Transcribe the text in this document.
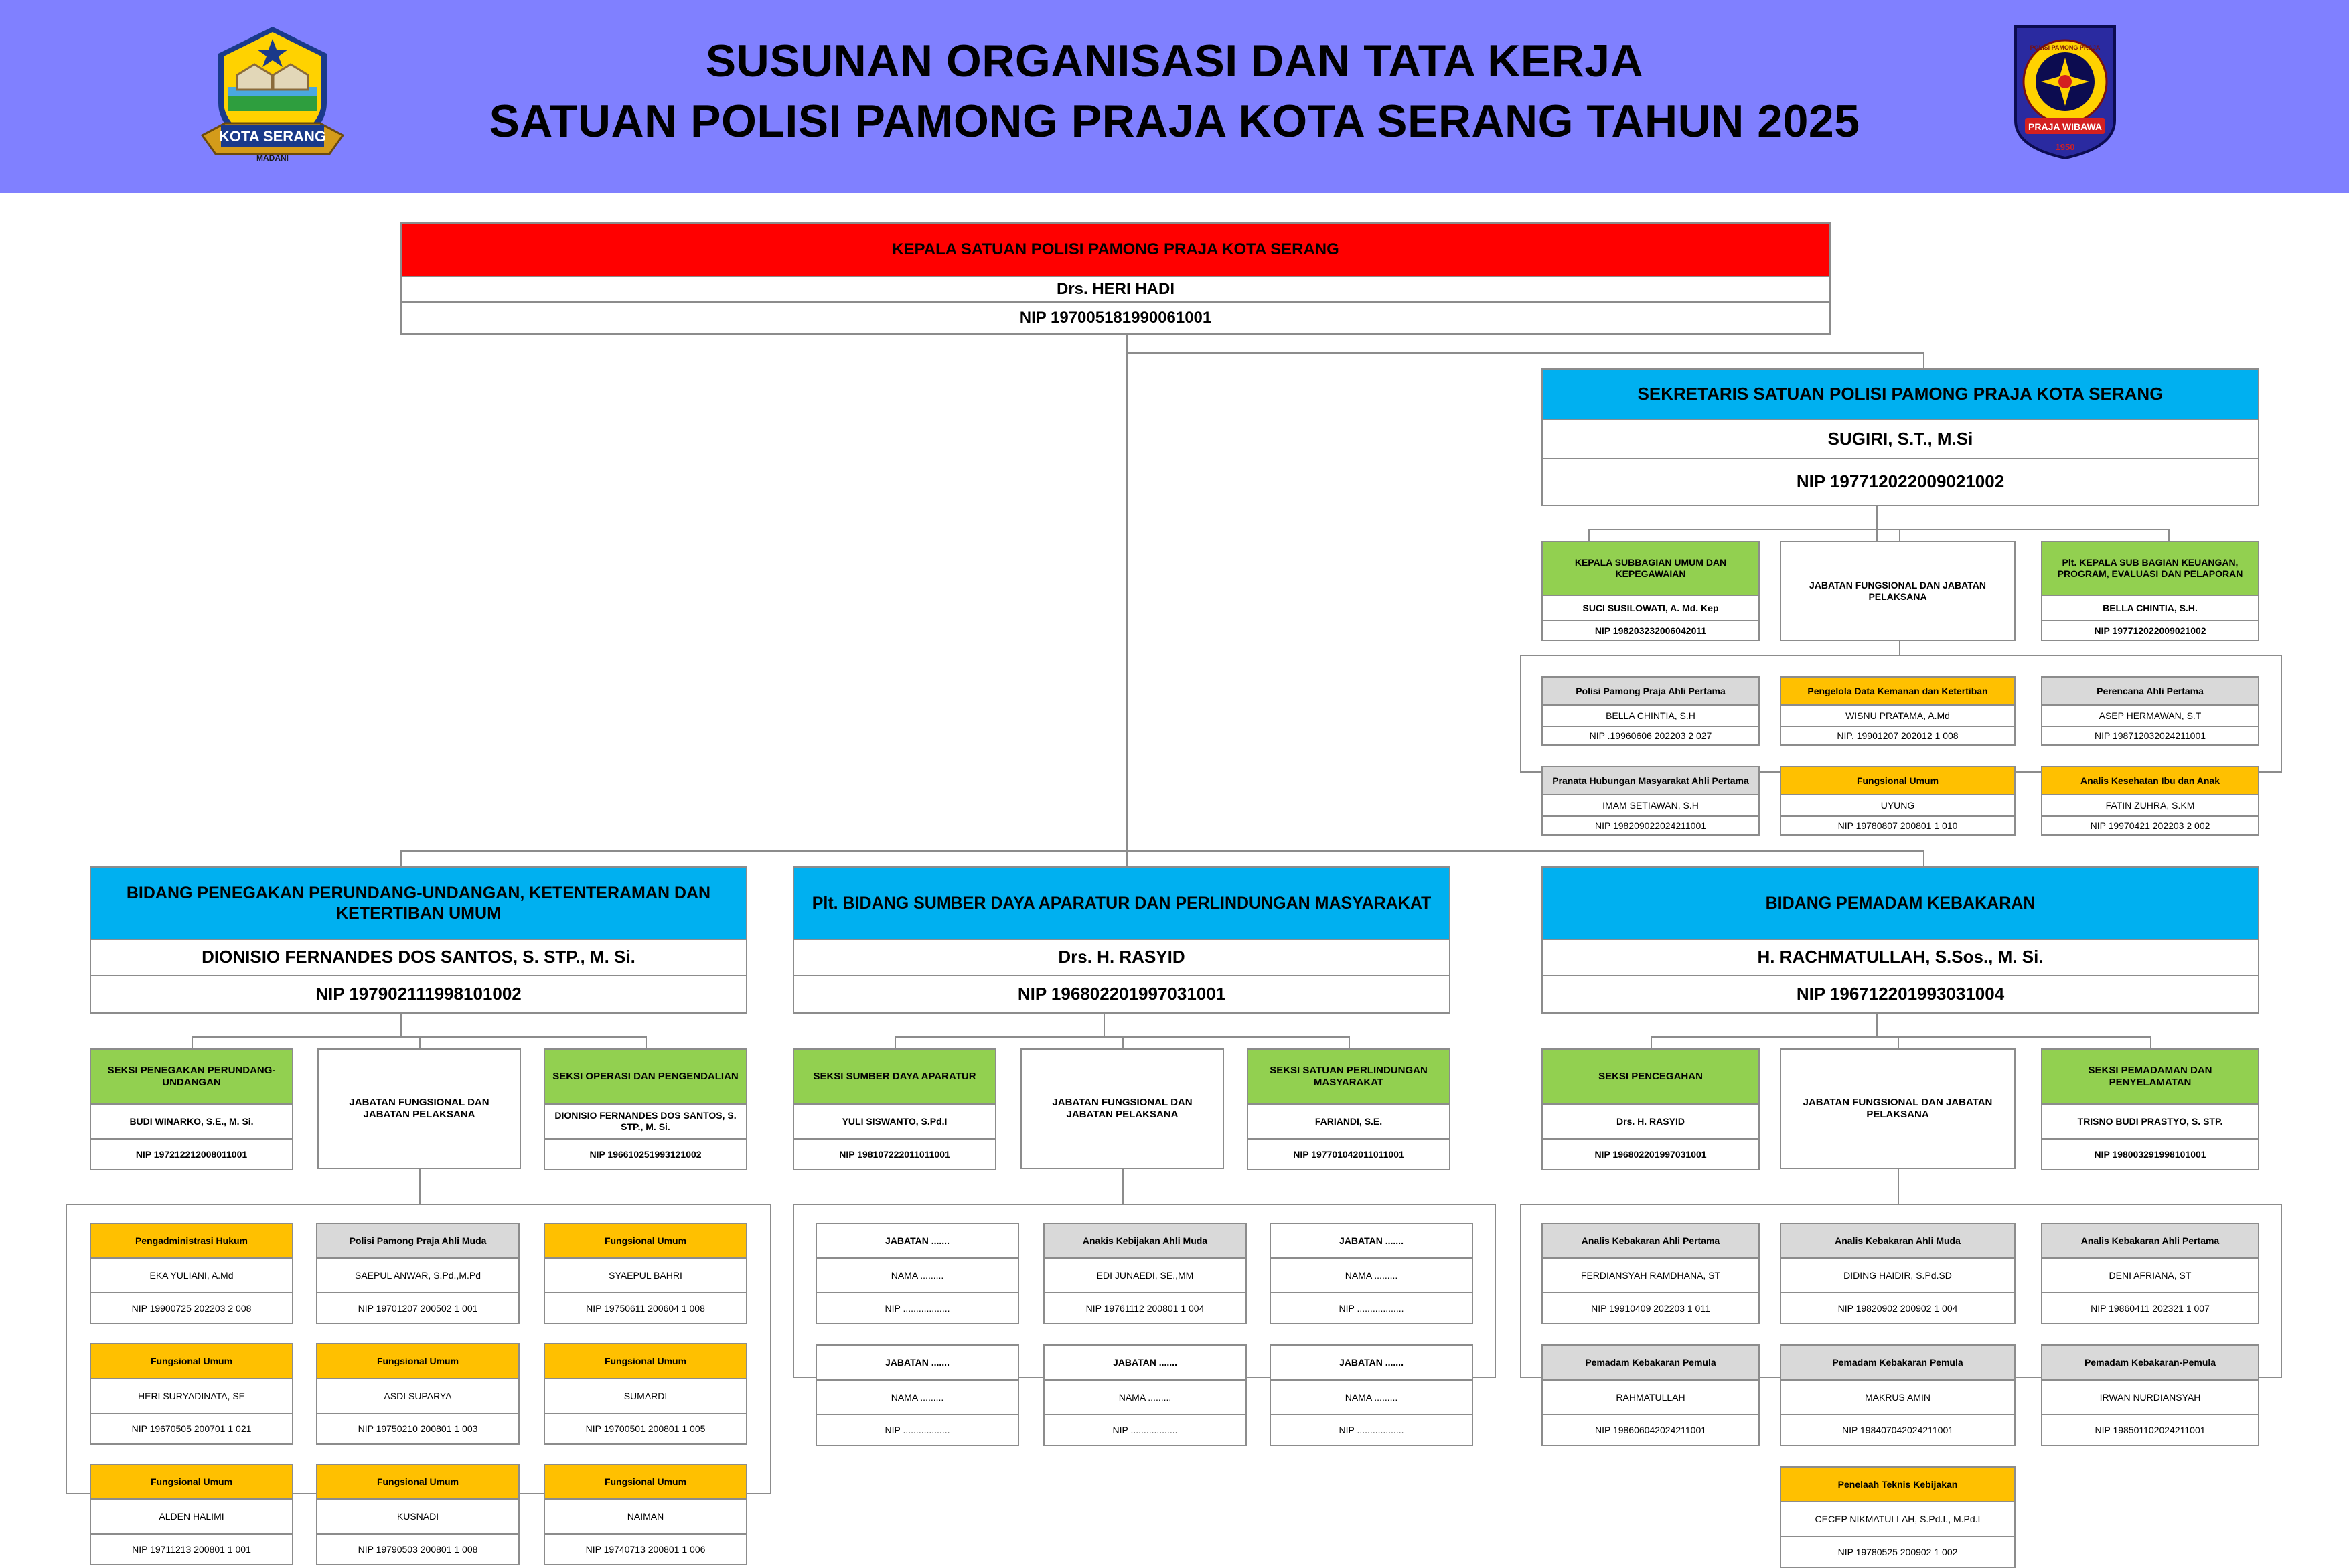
KOTA SERANG
MADANI
SUSUNAN ORGANISASI DAN TATA KERJA
SATUAN POLISI PAMONG PRAJA KOTA SERANG TAHUN 2025
POLISI PAMONG PRAJA
PRAJA WIBAWA
1950
KEPALA SATUAN POLISI PAMONG PRAJA KOTA SERANG
Drs. HERI HADI
NIP 197005181990061001
SEKRETARIS SATUAN POLISI PAMONG PRAJA KOTA SERANG
SUGIRI, S.T., M.Si
NIP 197712022009021002
KEPALA SUBBAGIAN UMUM DAN KEPEGAWAIAN
SUCI SUSILOWATI, A. Md. Kep
NIP 198203232006042011
JABATAN FUNGSIONAL DAN JABATAN PELAKSANA
Plt. KEPALA SUB BAGIAN KEUANGAN, PROGRAM, EVALUASI DAN PELAPORAN
BELLA CHINTIA, S.H.
NIP 197712022009021002
Polisi Pamong Praja Ahli Pertama
BELLA CHINTIA, S.H
NIP .19960606 202203 2 027
Pengelola Data Kemanan dan Ketertiban
WISNU PRATAMA, A.Md
NIP. 19901207 202012 1 008
Perencana Ahli Pertama
ASEP HERMAWAN, S.T
NIP 198712032024211001
Pranata Hubungan Masyarakat Ahli Pertama
IMAM SETIAWAN, S.H
NIP 198209022024211001
Fungsional Umum
UYUNG
NIP 19780807 200801 1 010
Analis Kesehatan Ibu dan Anak
FATIN ZUHRA, S.KM
NIP 19970421 202203 2 002
BIDANG PENEGAKAN PERUNDANG-UNDANGAN, KETENTERAMAN DAN KETERTIBAN UMUM
DIONISIO FERNANDES DOS SANTOS, S. STP., M. Si.
NIP 197902111998101002
SEKSI PENEGAKAN PERUNDANG-UNDANGAN
BUDI WINARKO, S.E., M. Si.
NIP 197212212008011001
JABATAN FUNGSIONAL DAN JABATAN PELAKSANA
SEKSI OPERASI DAN PENGENDALIAN
DIONISIO FERNANDES DOS SANTOS, S. STP., M. Si.
NIP 196610251993121002
Plt. BIDANG SUMBER DAYA APARATUR DAN PERLINDUNGAN MASYARAKAT
Drs. H. RASYID
NIP 196802201997031001
SEKSI SUMBER DAYA APARATUR
YULI SISWANTO, S.Pd.I
NIP 198107222011011001
JABATAN FUNGSIONAL DAN JABATAN PELAKSANA
SEKSI SATUAN PERLINDUNGAN MASYARAKAT
FARIANDI, S.E.
NIP 197701042011011001
BIDANG PEMADAM KEBAKARAN
H. RACHMATULLAH, S.Sos., M. Si.
NIP 196712201993031004
SEKSI PENCEGAHAN
Drs. H. RASYID
NIP 196802201997031001
JABATAN FUNGSIONAL DAN JABATAN PELAKSANA
SEKSI PEMADAMAN DAN PENYELAMATAN
TRISNO BUDI PRASTYO, S. STP.
NIP 198003291998101001
Pengadministrasi Hukum
EKA YULIANI, A.Md
NIP 19900725 202203 2 008
Polisi Pamong Praja Ahli Muda
SAEPUL ANWAR, S.Pd.,M.Pd
NIP 19701207 200502 1 001
Fungsional Umum
SYAEPUL BAHRI
NIP 19750611 200604 1 008
Fungsional Umum
HERI SURYADINATA, SE
NIP 19670505 200701 1 021
Fungsional Umum
ASDI SUPARYA
NIP 19750210 200801 1 003
Fungsional Umum
SUMARDI
NIP 19700501 200801 1 005
Fungsional Umum
ALDEN HALIMI
NIP 19711213 200801 1 001
Fungsional Umum
KUSNADI
NIP 19790503 200801 1 008
Fungsional Umum
NAIMAN
NIP 19740713 200801 1 006
JABATAN .......
NAMA .........
NIP ..................
Anakis Kebijakan Ahli Muda
EDI JUNAEDI, SE.,MM
NIP 19761112 200801 1 004
JABATAN .......
NAMA .........
NIP ..................
JABATAN .......
NAMA .........
NIP ..................
JABATAN .......
NAMA .........
NIP ..................
JABATAN .......
NAMA .........
NIP ..................
Analis Kebakaran Ahli Pertama
FERDIANSYAH RAMDHANA, ST
NIP 19910409 202203 1 011
Analis Kebakaran Ahli Muda
DIDING HAIDIR, S.Pd.SD
NIP 19820902 200902 1 004
Analis Kebakaran Ahli Pertama
DENI AFRIANA, ST
NIP 19860411 202321 1 007
Pemadam Kebakaran Pemula
RAHMATULLAH
NIP 198606042024211001
Pemadam Kebakaran Pemula
MAKRUS AMIN
NIP 198407042024211001
Pemadam Kebakaran-Pemula
IRWAN NURDIANSYAH
NIP 198501102024211001
Penelaah Teknis Kebijakan
CECEP NIKMATULLAH, S.Pd.I., M.Pd.I
NIP 19780525 200902 1 002
